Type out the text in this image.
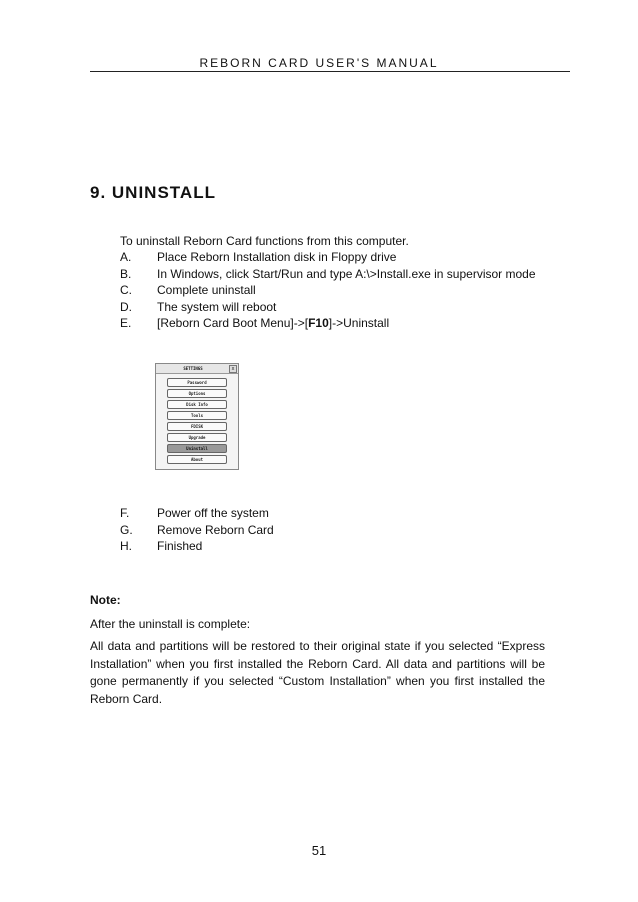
REBORN CARD USER'S MANUAL
9. UNINSTALL
To uninstall Reborn Card functions from this computer.
A. Place Reborn Installation disk in Floppy drive
B. In Windows, click Start/Run and type A:\>Install.exe in supervisor mode
C. Complete uninstall
D. The system will reboot
E. [Reborn Card Boot Menu]->[F10]->Uninstall
SETTINGS	x
Password
Options
Disk Info
Tools
FDISK
Upgrade
Uninstall
About
F. Power off the system
G. Remove Reborn Card
H. Finished
Note:
After the uninstall is complete:
All data and partitions will be restored to their original state if you selected “Express Installation” when you first installed the Reborn Card. All data and partitions will be gone permanently if you selected “Custom Installation” when you first installed the Reborn Card.
51
